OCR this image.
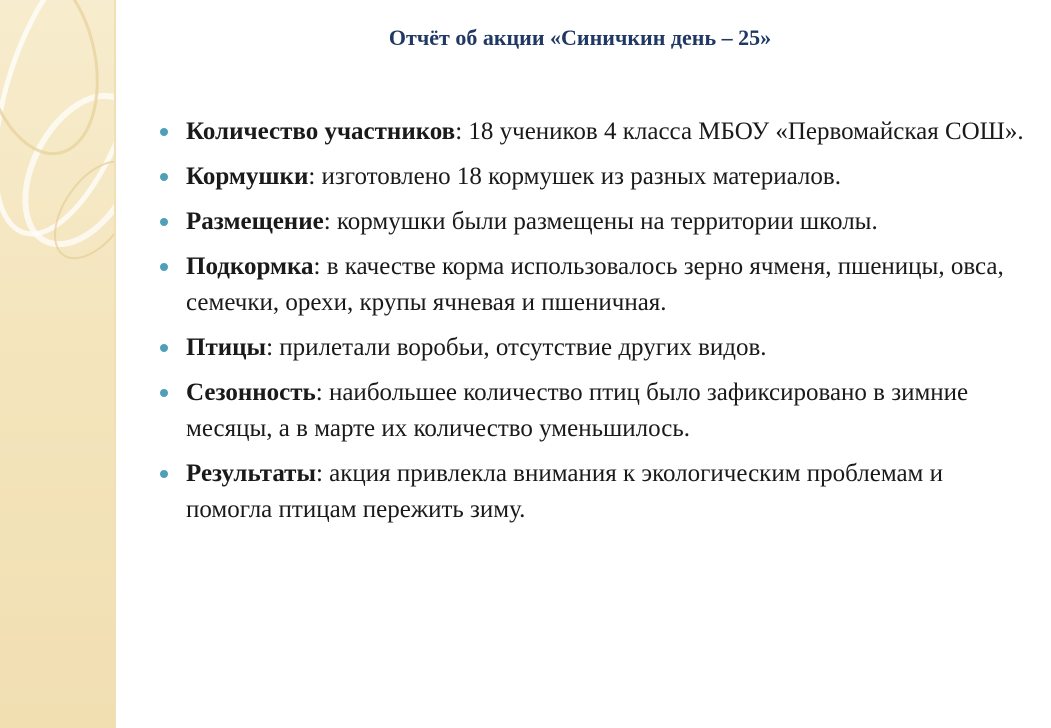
Отчёт об акции «Синичкин день – 25»
Количество участников: 18 учеников 4 класса МБОУ «Первомайская СОШ».
Кормушки: изготовлено 18 кормушек из разных материалов.
Размещение: кормушки были размещены на территории школы.
Подкормка: в качестве корма использовалось зерно ячменя, пшеницы, овса, семечки, орехи, крупы ячневая и пшеничная.
Птицы: прилетали воробьи, отсутствие других видов.
Сезонность: наибольшее количество птиц было зафиксировано в зимние месяцы, а в марте их количество уменьшилось.
Результаты: акция привлекла внимания к экологическим проблемам и помогла птицам пережить зиму.
